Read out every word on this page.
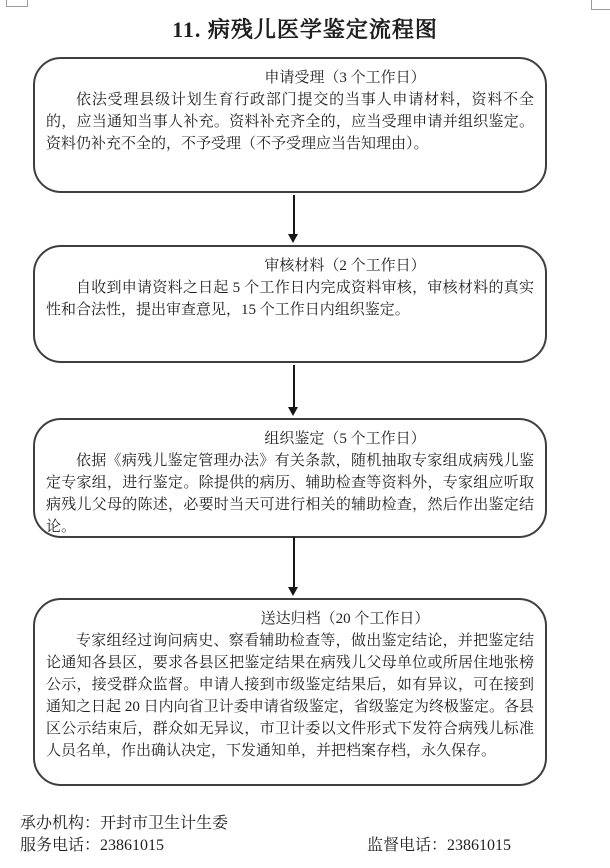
11. 病残儿医学鉴定流程图
申请受理（3 个工作日）
依法受理县级计划生育行政部门提交的当事人申请材料，资料不全的，应当通知当事人补充。资料补充齐全的，应当受理申请并组织鉴定。资料仍补充不全的，不予受理（不予受理应当告知理由）。
审核材料（2 个工作日）
自收到申请资料之日起 5 个工作日内完成资料审核，审核材料的真实性和合法性，提出审查意见，15 个工作日内组织鉴定。
组织鉴定（5 个工作日）
依据《病残儿鉴定管理办法》有关条款，随机抽取专家组成病残儿鉴定专家组，进行鉴定。除提供的病历、辅助检查等资料外，专家组应听取病残儿父母的陈述，必要时当天可进行相关的辅助检查，然后作出鉴定结论。
送达归档（20 个工作日）
专家组经过询问病史、察看辅助检查等，做出鉴定结论，并把鉴定结论通知各县区，要求各县区把鉴定结果在病残儿父母单位或所居住地张榜公示，接受群众监督。申请人接到市级鉴定结果后，如有异议，可在接到通知之日起 20 日内向省卫计委申请省级鉴定，省级鉴定为终极鉴定。各县区公示结束后，群众如无异议，市卫计委以文件形式下发符合病残儿标准人员名单，作出确认决定，下发通知单，并把档案存档，永久保存。
承办机构：开封市卫生计生委
服务电话：23861015	监督电话：23861015
